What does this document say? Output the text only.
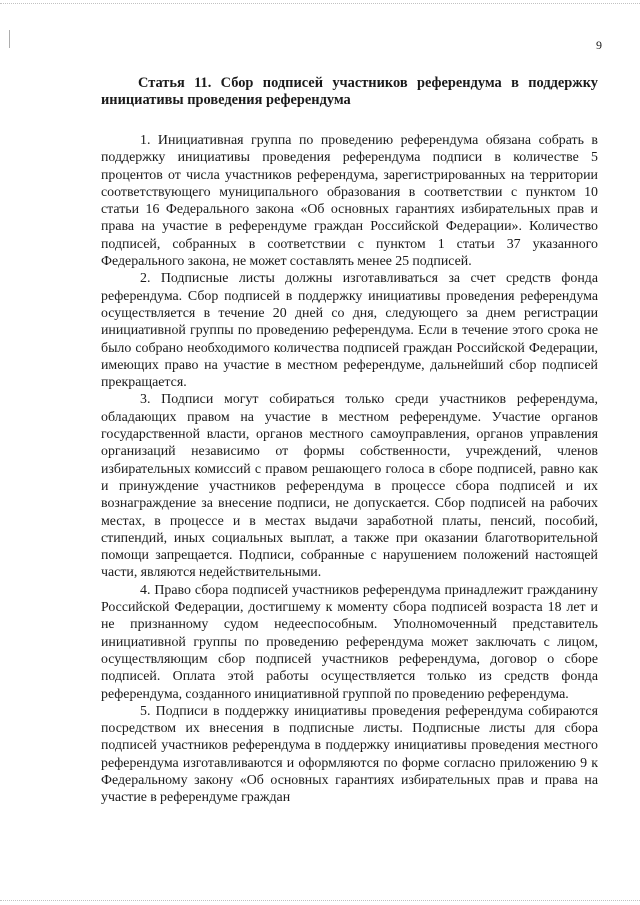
9

Статья 11. Сбор подписей участников референдума в поддержку инициативы проведения референдума

1. Инициативная группа по проведению референдума обязана собрать в поддержку инициативы проведения референдума подписи в количестве 5 процентов от числа участников референдума, зарегистрированных на территории соответствующего муниципального образования в соответствии с пунктом 10 статьи 16 Федерального закона «Об основных гарантиях избирательных прав и права на участие в референдуме граждан Российской Федерации». Количество подписей, собранных в соответствии с пунктом 1 статьи 37 указанного Федерального закона, не может составлять менее 25 подписей.

2. Подписные листы должны изготавливаться за счет средств фонда референдума. Сбор подписей в поддержку инициативы проведения референдума осуществляется в течение 20 дней со дня, следующего за днем регистрации инициативной группы по проведению референдума. Если в течение этого срока не было собрано необходимого количества подписей граждан Российской Федерации, имеющих право на участие в местном референдуме, дальнейший сбор подписей прекращается.

3. Подписи могут собираться только среди участников референдума, обладающих правом на участие в местном референдуме. Участие органов государственной власти, органов местного самоуправления, органов управления организаций независимо от формы собственности, учреждений, членов избирательных комиссий с правом решающего голоса в сборе подписей, равно как и принуждение участников референдума в процессе сбора подписей и их вознаграждение за внесение подписи, не допускается. Сбор подписей на рабочих местах, в процессе и в местах выдачи заработной платы, пенсий, пособий, стипендий, иных социальных выплат, а также при оказании благотворительной помощи запрещается. Подписи, собранные с нарушением положений настоящей части, являются недействительными.

4. Право сбора подписей участников референдума принадлежит гражданину Российской Федерации, достигшему к моменту сбора подписей возраста 18 лет и не признанному судом недееспособным. Уполномоченный представитель инициативной группы по проведению референдума может заключать с лицом, осуществляющим сбор подписей участников референдума, договор о сборе подписей. Оплата этой работы осуществляется только из средств фонда референдума, созданного инициативной группой по проведению референдума.

5. Подписи в поддержку инициативы проведения референдума собираются посредством их внесения в подписные листы. Подписные листы для сбора подписей участников референдума в поддержку инициативы проведения местного референдума изготавливаются и оформляются по форме согласно приложению 9 к Федеральному закону «Об основных гарантиях избирательных прав и права на участие в референдуме граждан
